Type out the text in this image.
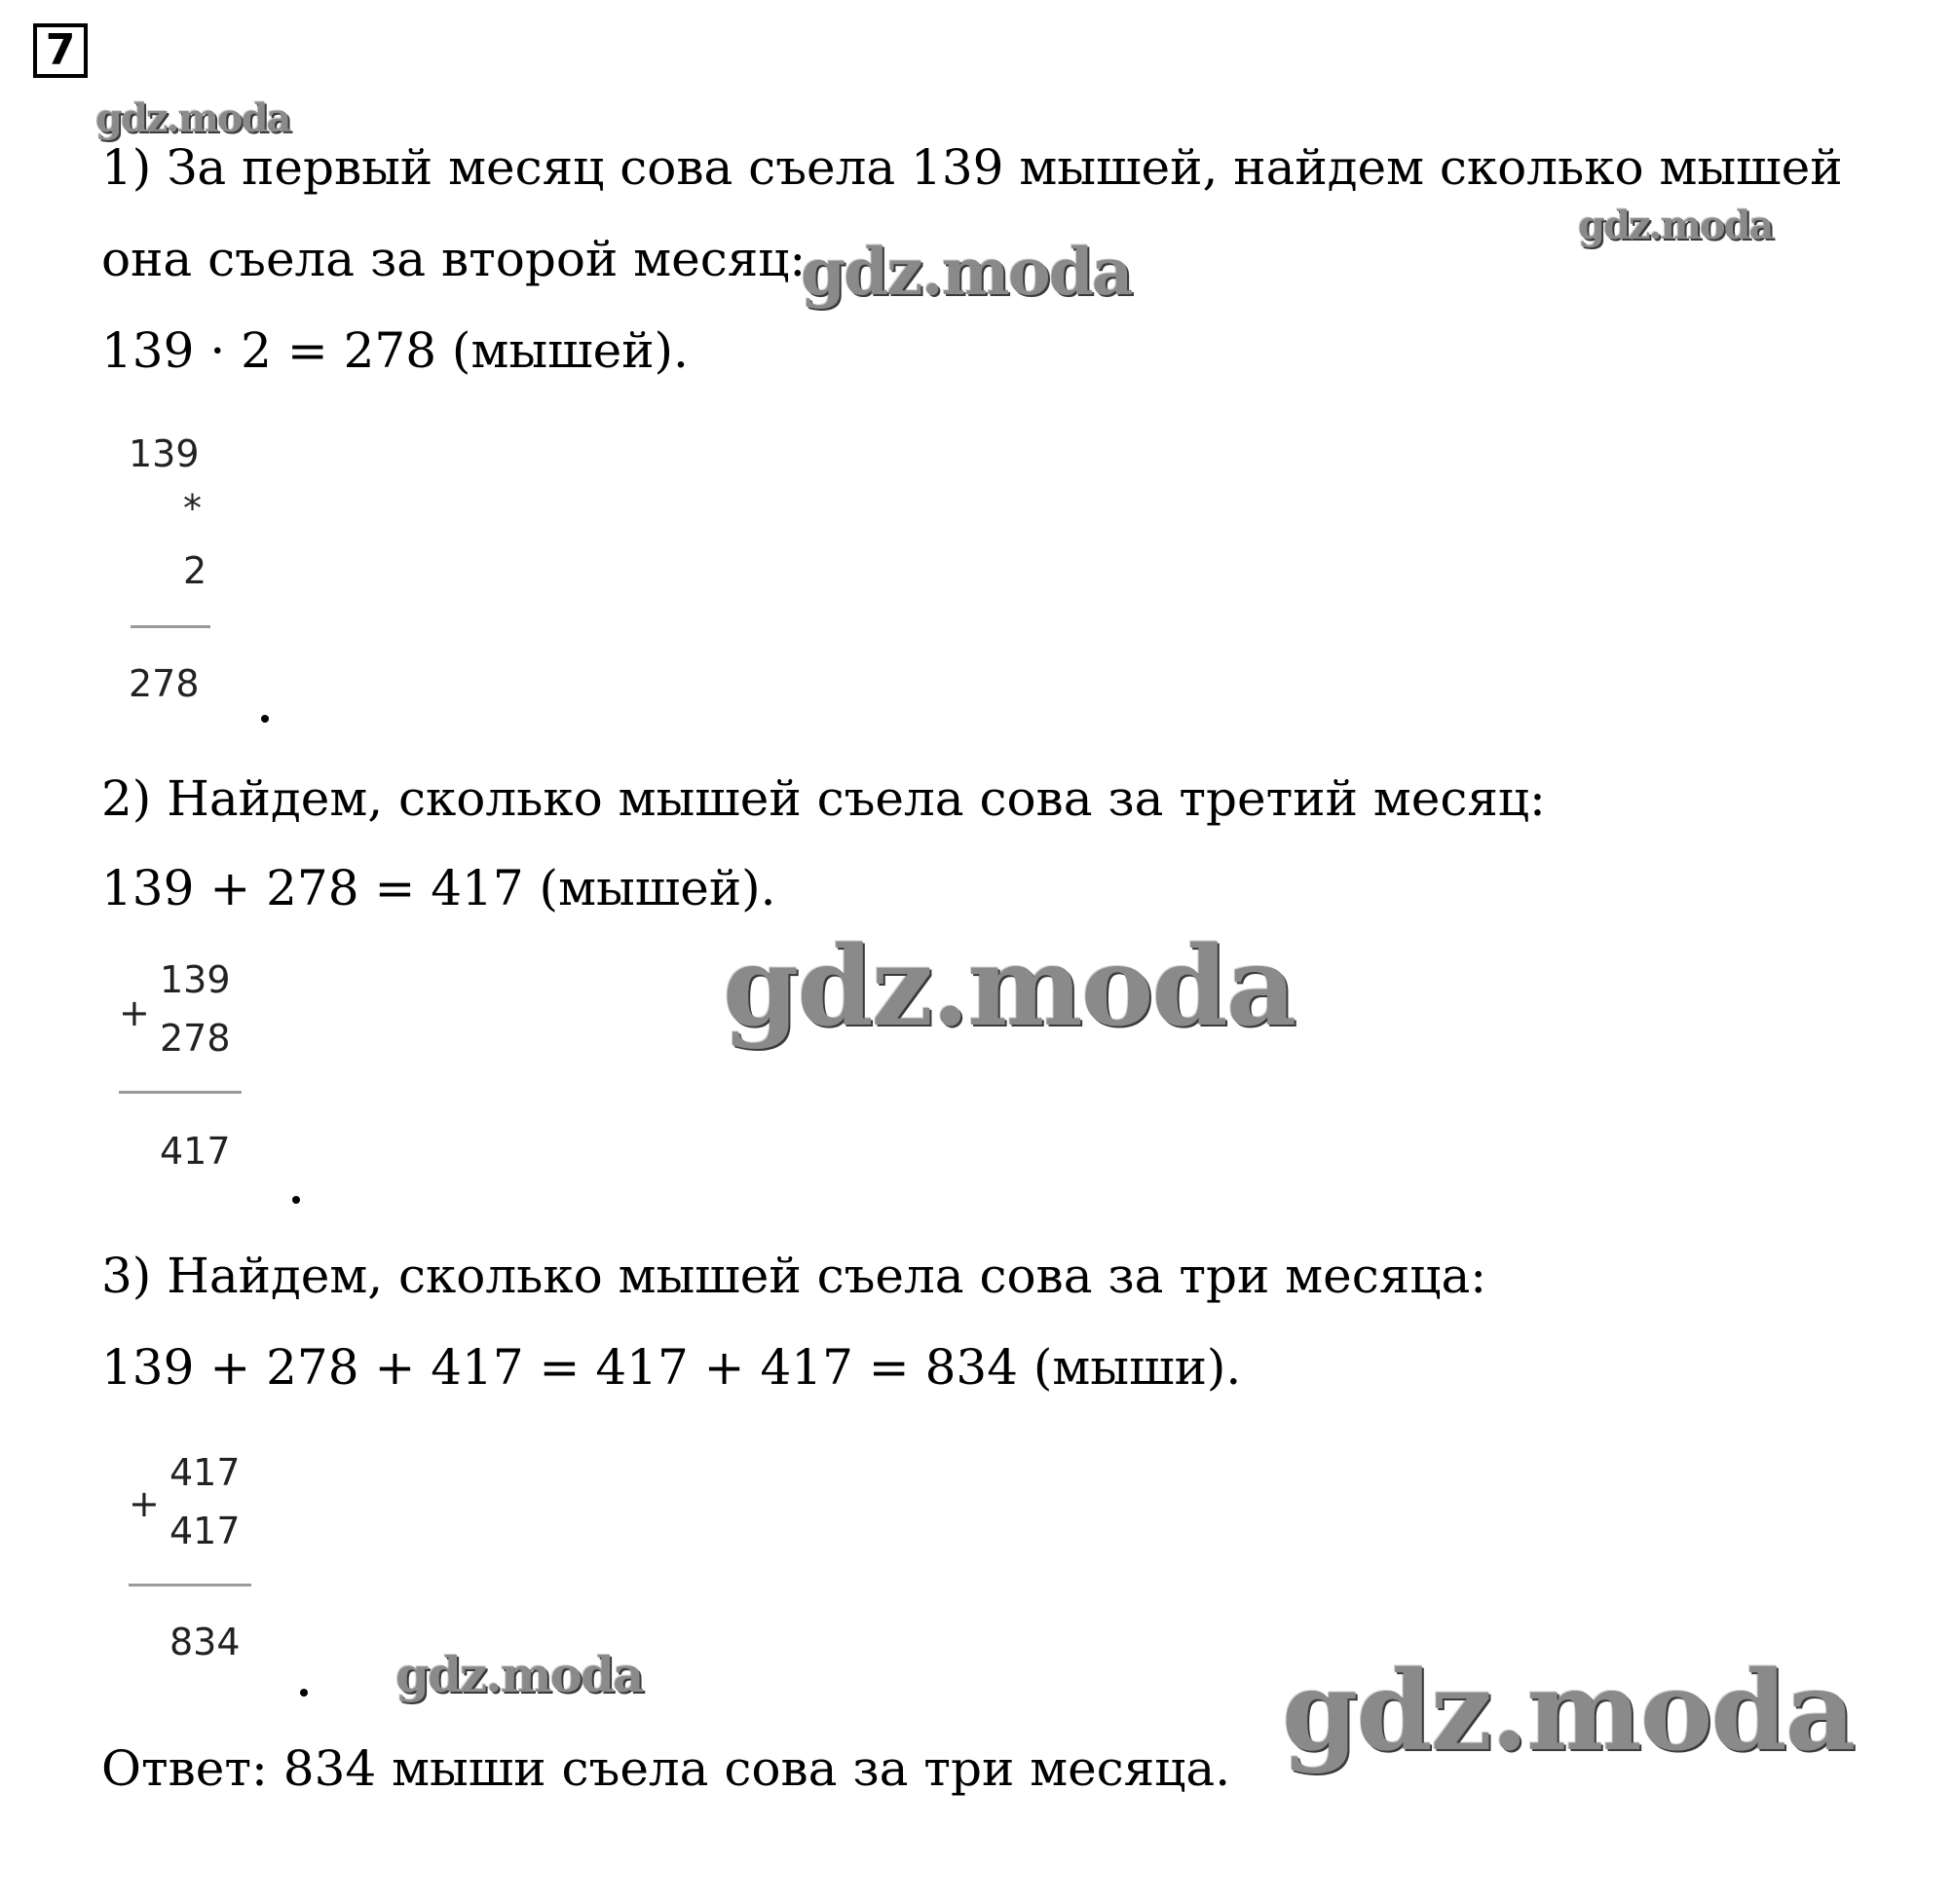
7
gdz.moda
gdz.moda
gdz.moda
gdz.moda
gdz.moda	gdz.moda
1) За первый месяц сова съела 139 мышей, найдем сколько мышей
она съела за второй месяц:
139 · 2 = 278 (мышей).
139
*
2
278
2) Найдем, сколько мышей съела сова за третий месяц:
139 + 278 = 417 (мышей).
+
139
278
417
3) Найдем, сколько мышей съела сова за три месяца:
139 + 278 + 417 = 417 + 417 = 834 (мыши).
+
417
417
834
Ответ: 834 мыши съела сова за три месяца.
